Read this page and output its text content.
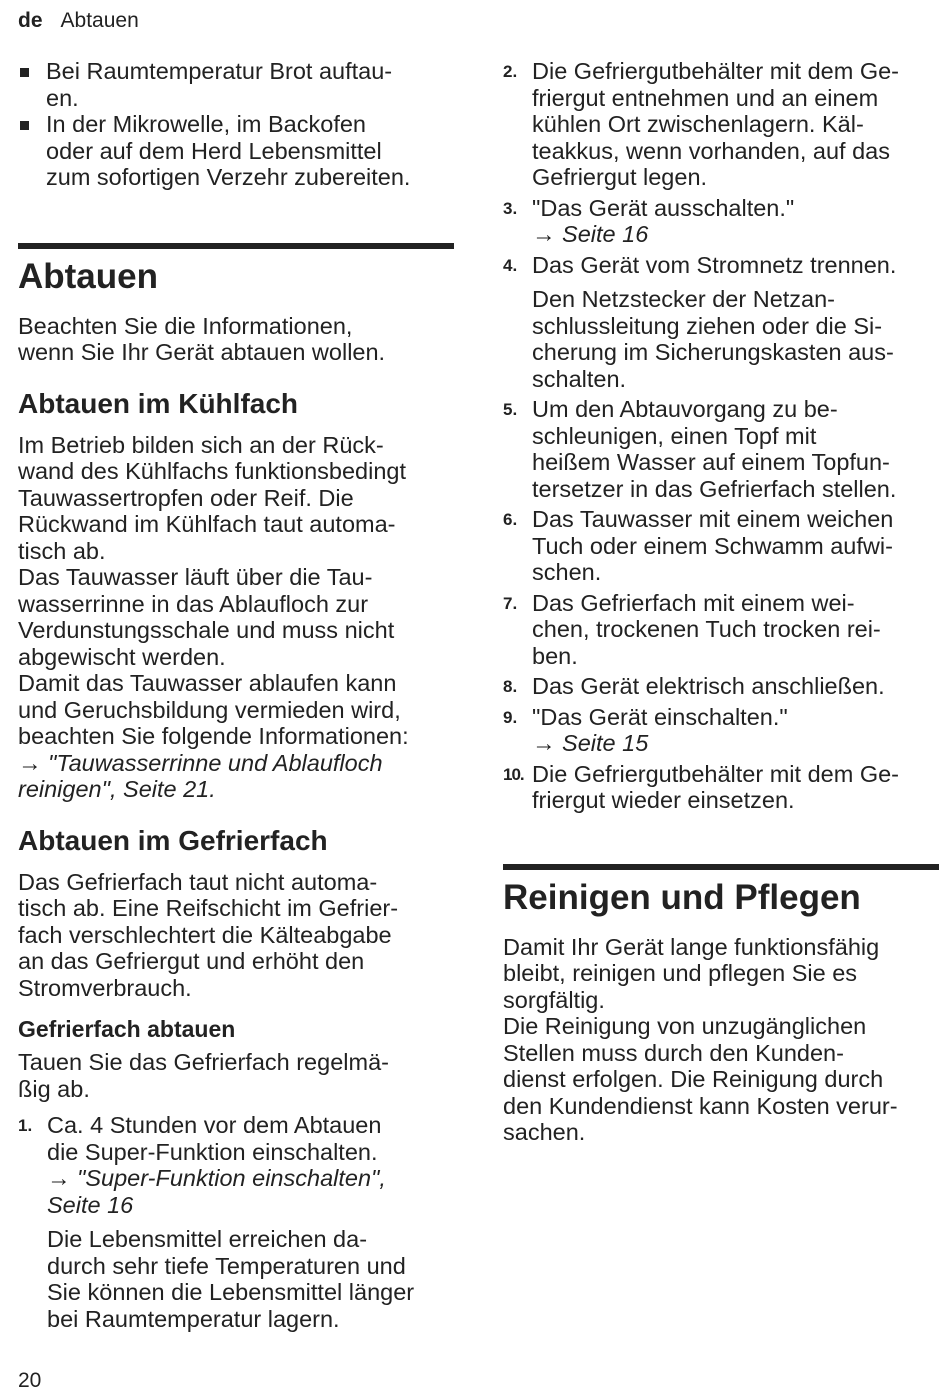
de Abtauen
Bei Raumtemperatur Brot auftau-
en.
In der Mikrowelle, im Backofen
oder auf dem Herd Lebensmittel
zum sofortigen Verzehr zubereiten.
Abtauen

Beachten Sie die Informationen,
wenn Sie Ihr Gerät abtauen wollen.

Abtauen im Kühlfach

Im Betrieb bilden sich an der Rück-
wand des Kühlfachs funktionsbedingt
Tauwassertropfen oder Reif. Die
Rückwand im Kühlfach taut automa-
tisch ab.

Das Tauwasser läuft über die Tau-
wasserrinne in das Ablaufloch zur
Verdunstungsschale und muss nicht
abgewischt werden.

Damit das Tauwasser ablaufen kann
und Geruchsbildung vermieden wird,
beachten Sie folgende Informationen:

→ "Tauwasserrinne und Ablaufloch
reinigen", Seite 21.

Abtauen im Gefrierfach

Das Gefrierfach taut nicht automa-
tisch ab. Eine Reifschicht im Gefrier-
fach verschlechtert die Kälteabgabe
an das Gefriergut und erhöht den
Stromverbrauch.

Gefrierfach abtauen

Tauen Sie das Gefrierfach regelmä-
ßig ab.

1. Ca. 4 Stunden vor dem Abtauen
die Super-Funktion einschalten.
→ "Super-Funktion einschalten",
Seite 16
Die Lebensmittel erreichen da-
durch sehr tiefe Temperaturen und
Sie können die Lebensmittel länger
bei Raumtemperatur lagern.
2. Die Gefriergutbehälter mit dem Ge-
friergut entnehmen und an einem
kühlen Ort zwischenlagern. Käl-
teakkus, wenn vorhanden, auf das
Gefriergut legen.
3. "Das Gerät ausschalten."
→ Seite 16
4. Das Gerät vom Stromnetz trennen.
Den Netzstecker der Netzan-
schlussleitung ziehen oder die Si-
cherung im Sicherungskasten aus-
schalten.
5. Um den Abtauvorgang zu be-
schleunigen, einen Topf mit
heißem Wasser auf einem Topfun-
tersetzer in das Gefrierfach stellen.
6. Das Tauwasser mit einem weichen
Tuch oder einem Schwamm aufwi-
schen.
7. Das Gefrierfach mit einem wei-
chen, trockenen Tuch trocken rei-
ben.
8. Das Gerät elektrisch anschließen.
9. "Das Gerät einschalten."
→ Seite 15
10. Die Gefriergutbehälter mit dem Ge-
friergut wieder einsetzen.
Reinigen und Pflegen

Damit Ihr Gerät lange funktionsfähig
bleibt, reinigen und pflegen Sie es
sorgfältig.

Die Reinigung von unzugänglichen
Stellen muss durch den Kunden-
dienst erfolgen. Die Reinigung durch
den Kundendienst kann Kosten verur-
sachen.

20
